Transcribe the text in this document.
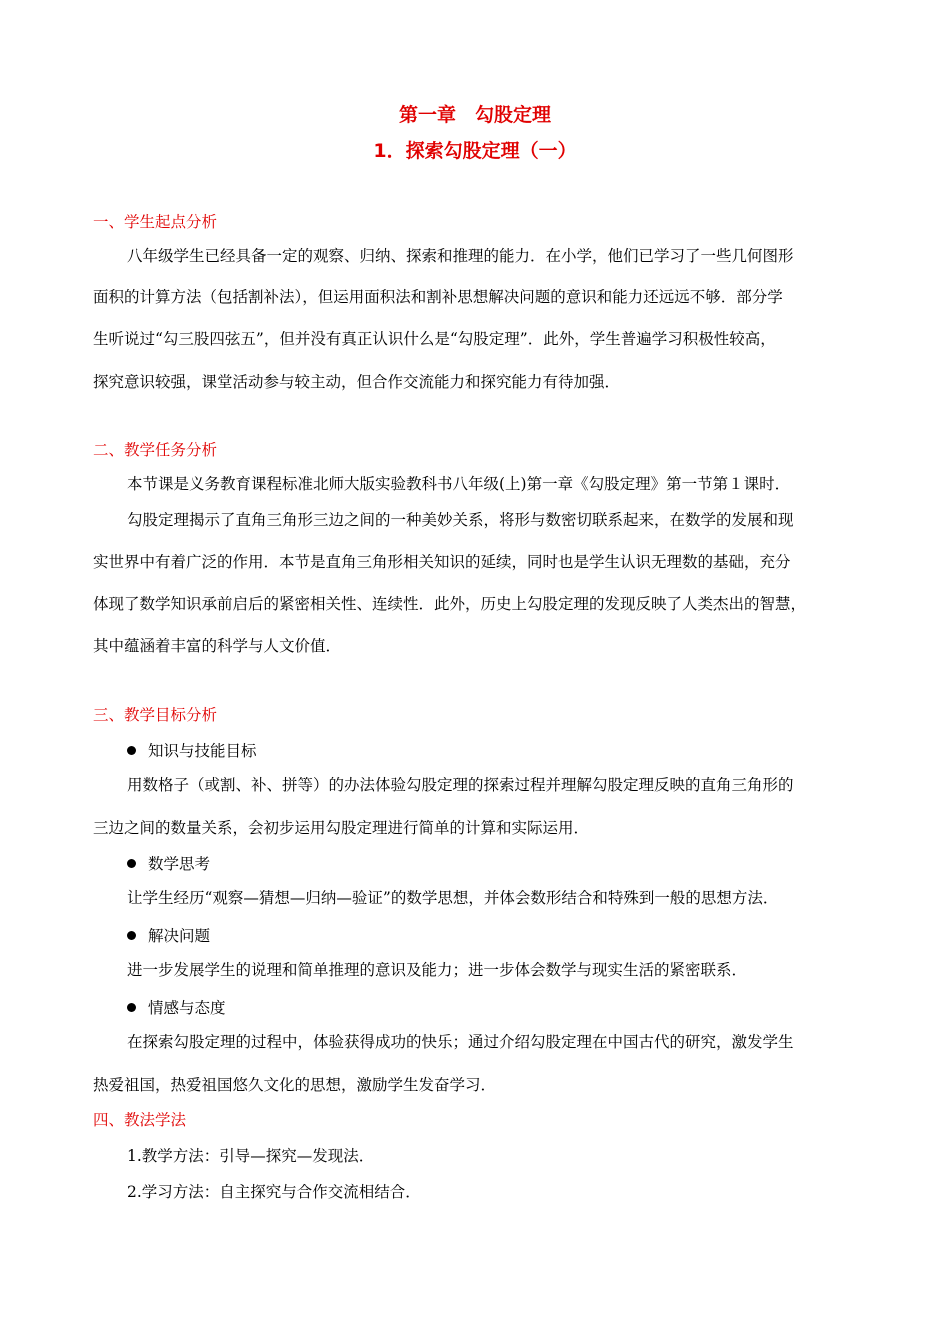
第一章　勾股定理
1．探索勾股定理（一）
一、学生起点分析
八年级学生已经具备一定的观察、归纳、探索和推理的能力．在小学，他们已学习了一些几何图形
面积的计算方法（包括割补法），但运用面积法和割补思想解决问题的意识和能力还远远不够．部分学
生听说过“勾三股四弦五”，但并没有真正认识什么是“勾股定理”．此外，学生普遍学习积极性较高，
探究意识较强，课堂活动参与较主动，但合作交流能力和探究能力有待加强．
二、教学任务分析
本节课是义务教育课程标准北师大版实验教科书八年级(上)第一章《勾股定理》第一节第１课时．
勾股定理揭示了直角三角形三边之间的一种美妙关系，将形与数密切联系起来，在数学的发展和现
实世界中有着广泛的作用．本节是直角三角形相关知识的延续，同时也是学生认识无理数的基础，充分
体现了数学知识承前启后的紧密相关性、连续性．此外，历史上勾股定理的发现反映了人类杰出的智慧，
其中蕴涵着丰富的科学与人文价值．
三、教学目标分析
知识与技能目标
用数格子（或割、补、拼等）的办法体验勾股定理的探索过程并理解勾股定理反映的直角三角形的
三边之间的数量关系，会初步运用勾股定理进行简单的计算和实际运用．
数学思考
让学生经历“观察—猜想—归纳—验证”的数学思想，并体会数形结合和特殊到一般的思想方法．
解决问题
进一步发展学生的说理和简单推理的意识及能力；进一步体会数学与现实生活的紧密联系．
情感与态度
在探索勾股定理的过程中，体验获得成功的快乐；通过介绍勾股定理在中国古代的研究，激发学生
热爱祖国，热爱祖国悠久文化的思想，激励学生发奋学习．
四、教法学法
1.教学方法：引导—探究—发现法．
2.学习方法：自主探究与合作交流相结合．
